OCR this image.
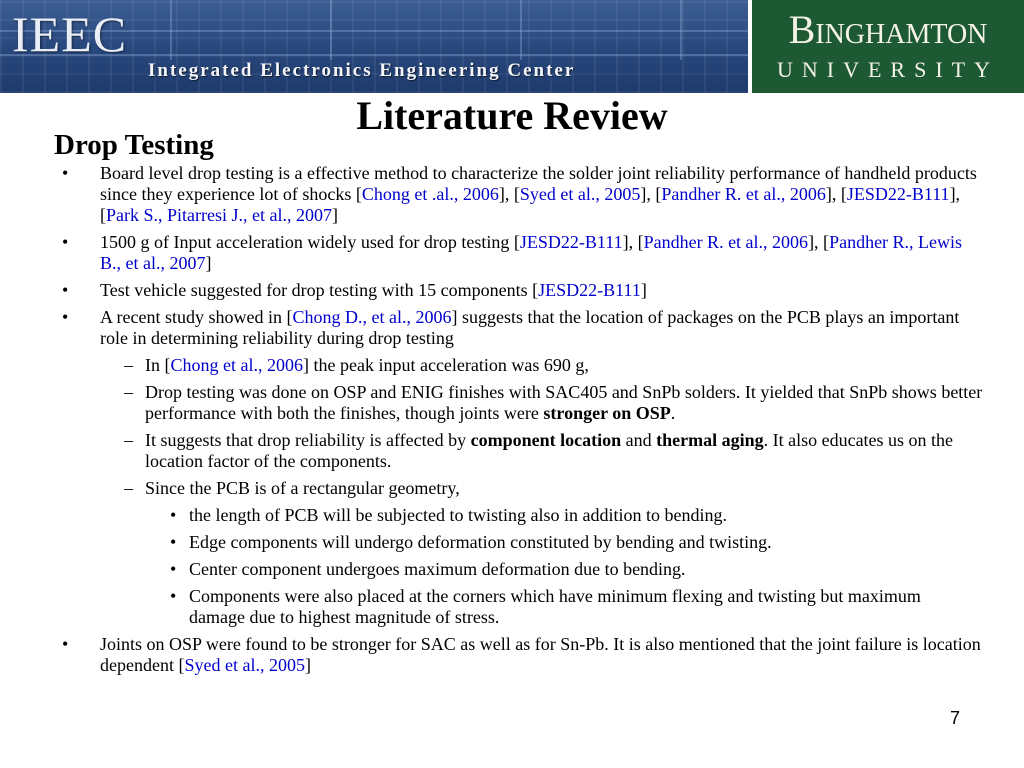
IEEC
Integrated Electronics Engineering Center
Binghamton
UNIVERSITY
Literature Review
Drop Testing
• Board level drop testing is a effective method to characterize the solder joint reliability performance of handheld products since they experience lot of shocks [Chong et .al., 2006], [Syed et al., 2005], [Pandher R. et al., 2006], [JESD22-B111], [Park S., Pitarresi J., et al., 2007]
• 1500 g of Input acceleration widely used for drop testing [JESD22-B111], [Pandher R. et al., 2006], [Pandher R., Lewis B., et al., 2007]
• Test vehicle suggested for drop testing with 15 components [JESD22-B111]
• A recent study showed in [Chong D., et al., 2006] suggests that the location of packages on the PCB plays an important role in determining reliability during drop testing
– In [Chong et al., 2006] the peak input acceleration was 690 g,
– Drop testing was done on OSP and ENIG finishes with SAC405 and SnPb solders. It yielded that SnPb shows better performance with both the finishes, though joints were stronger on OSP.
– It suggests that drop reliability is affected by component location and thermal aging. It also educates us on the location factor of the components.
– Since the PCB is of a rectangular geometry,
• the length of PCB will be subjected to twisting also in addition to bending.
• Edge components will undergo deformation constituted by bending and twisting.
• Center component undergoes maximum deformation due to bending.
• Components were also placed at the corners which have minimum flexing and twisting but maximum damage due to highest magnitude of stress.
• Joints on OSP were found to be stronger for SAC as well as for Sn-Pb. It is also mentioned that the joint failure is location dependent [Syed et al., 2005]
7
